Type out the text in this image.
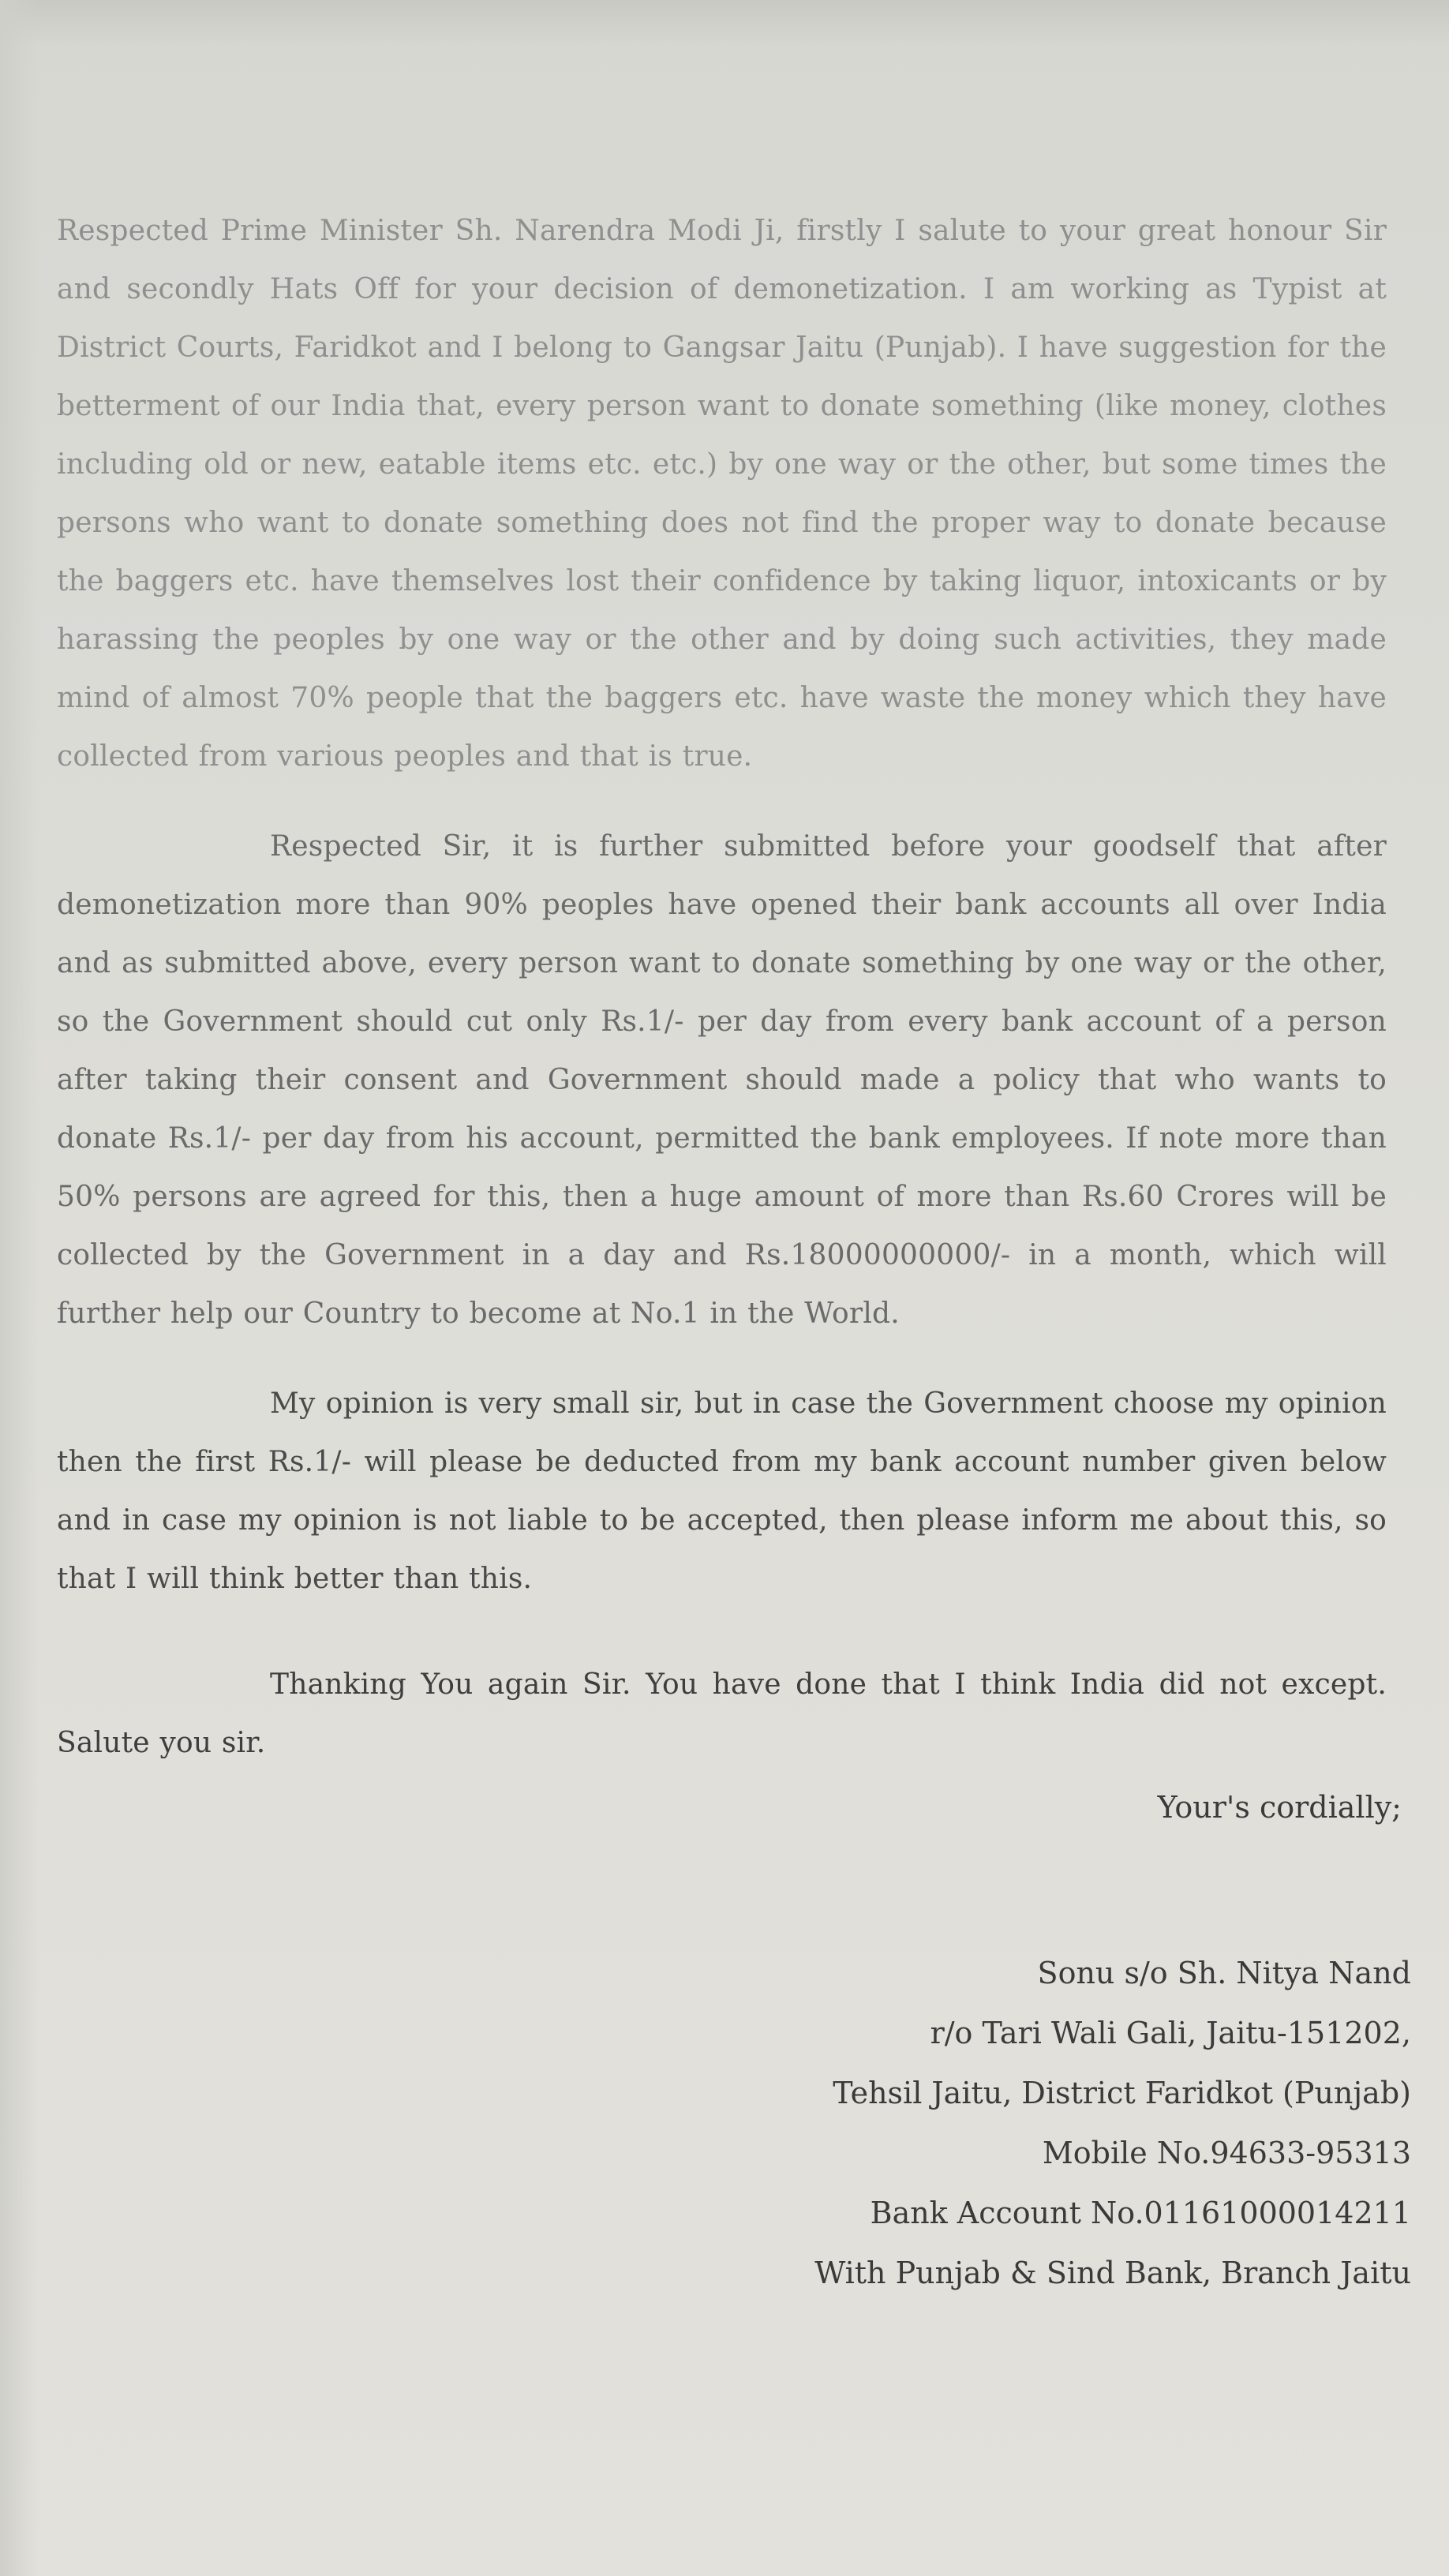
Respected Prime Minister Sh. Narendra Modi Ji, firstly I salute to your great honour Sir and secondly Hats Off for your decision of demonetization. I am working as Typist at District Courts, Faridkot and I belong to Gangsar Jaitu (Punjab). I have suggestion for the betterment of our India that, every person want to donate something (like money, clothes including old or new, eatable items etc. etc.) by one way or the other, but some times the persons who want to donate something does not find the proper way to donate because the baggers etc. have themselves lost their confidence by taking liquor, intoxicants or by harassing the peoples by one way or the other and by doing such activities, they made mind of almost 70% people that the baggers etc. have waste the money which they have collected from various peoples and that is true.

Respected Sir, it is further submitted before your goodself that after demonetization more than 90% peoples have opened their bank accounts all over India and as submitted above, every person want to donate something by one way or the other, so the Government should cut only Rs.1/- per day from every bank account of a person after taking their consent and Government should made a policy that who wants to donate Rs.1/- per day from his account, permitted the bank employees. If note more than 50% persons are agreed for this, then a huge amount of more than Rs.60 Crores will be collected by the Government in a day and Rs.18000000000/- in a month, which will further help our Country to become at No.1 in the World.

My opinion is very small sir, but in case the Government choose my opinion then the first Rs.1/- will please be deducted from my bank account number given below and in case my opinion is not liable to be accepted, then please inform me about this, so that I will think better than this.

Thanking You again Sir. You have done that I think India did not except. Salute you sir.

Your's cordially;

Sonu s/o Sh. Nitya Nand
r/o Tari Wali Gali, Jaitu-151202,
Tehsil Jaitu, District Faridkot (Punjab)
Mobile No.94633-95313
Bank Account No.01161000014211
With Punjab & Sind Bank, Branch Jaitu
